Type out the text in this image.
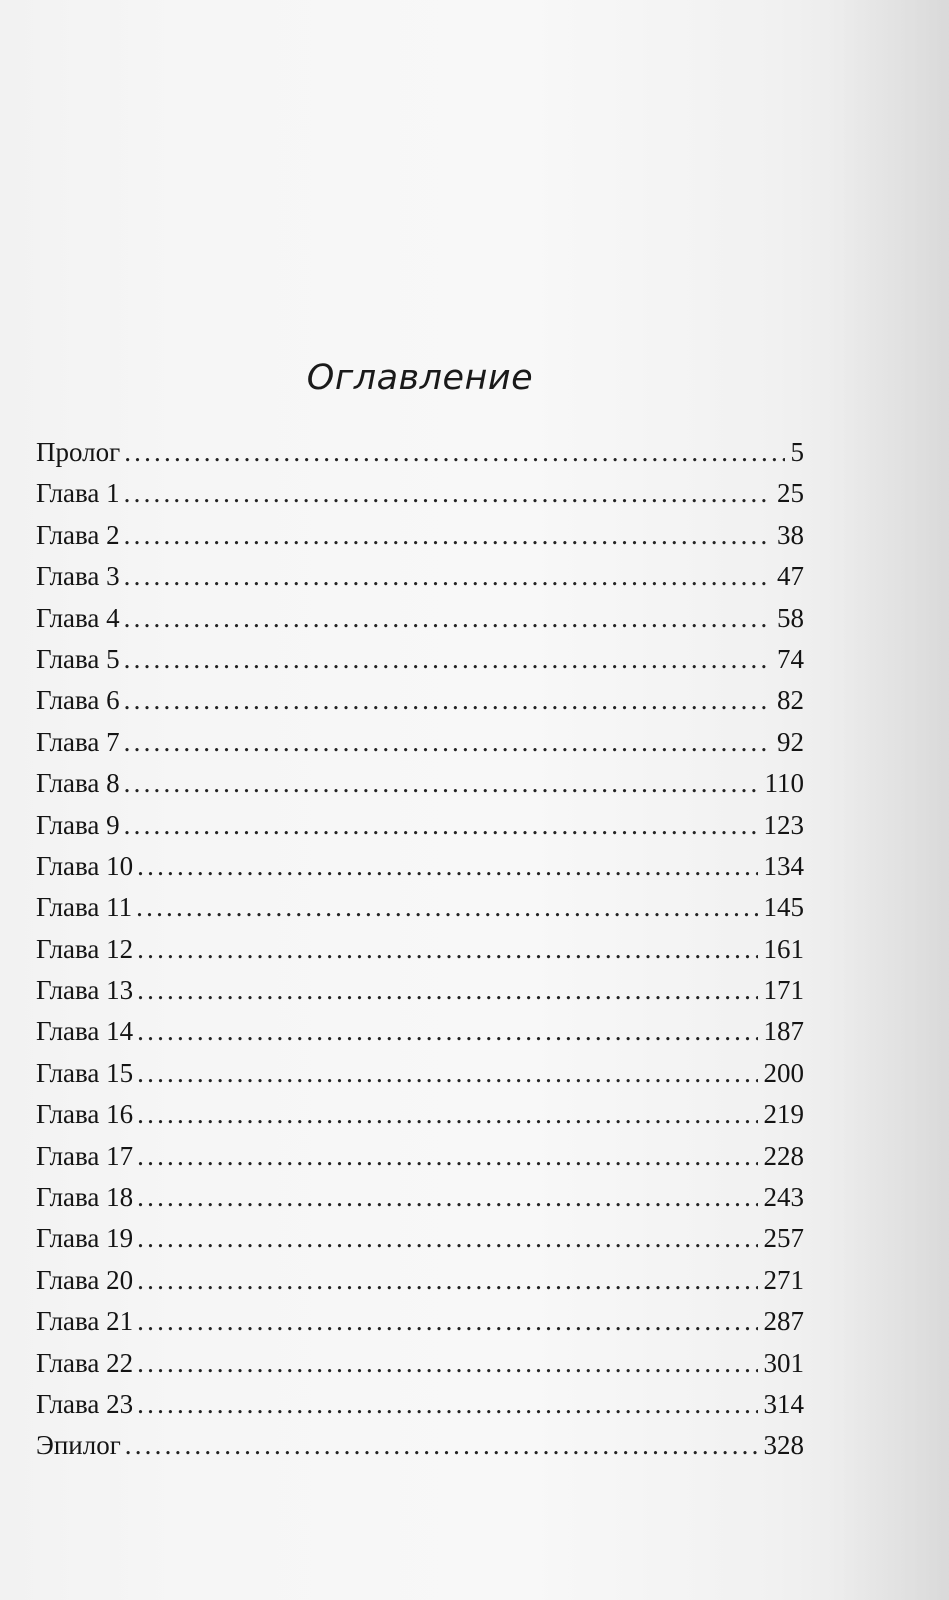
Оглавление
Пролог .....	5
Глава 1 .....	25
Глава 2 .....	38
Глава 3 .....	47
Глава 4 .....	58
Глава 5 .....	74
Глава 6 .....	82
Глава 7 .....	92
Глава 8 .....	110
Глава 9 .....	123
Глава 10 .....	134
Глава 11 .....	145
Глава 12 .....	161
Глава 13 .....	171
Глава 14 .....	187
Глава 15 .....	200
Глава 16 .....	219
Глава 17 .....	228
Глава 18 .....	243
Глава 19 .....	257
Глава 20 .....	271
Глава 21 .....	287
Глава 22 .....	301
Глава 23 .....	314
Эпилог .....	328
